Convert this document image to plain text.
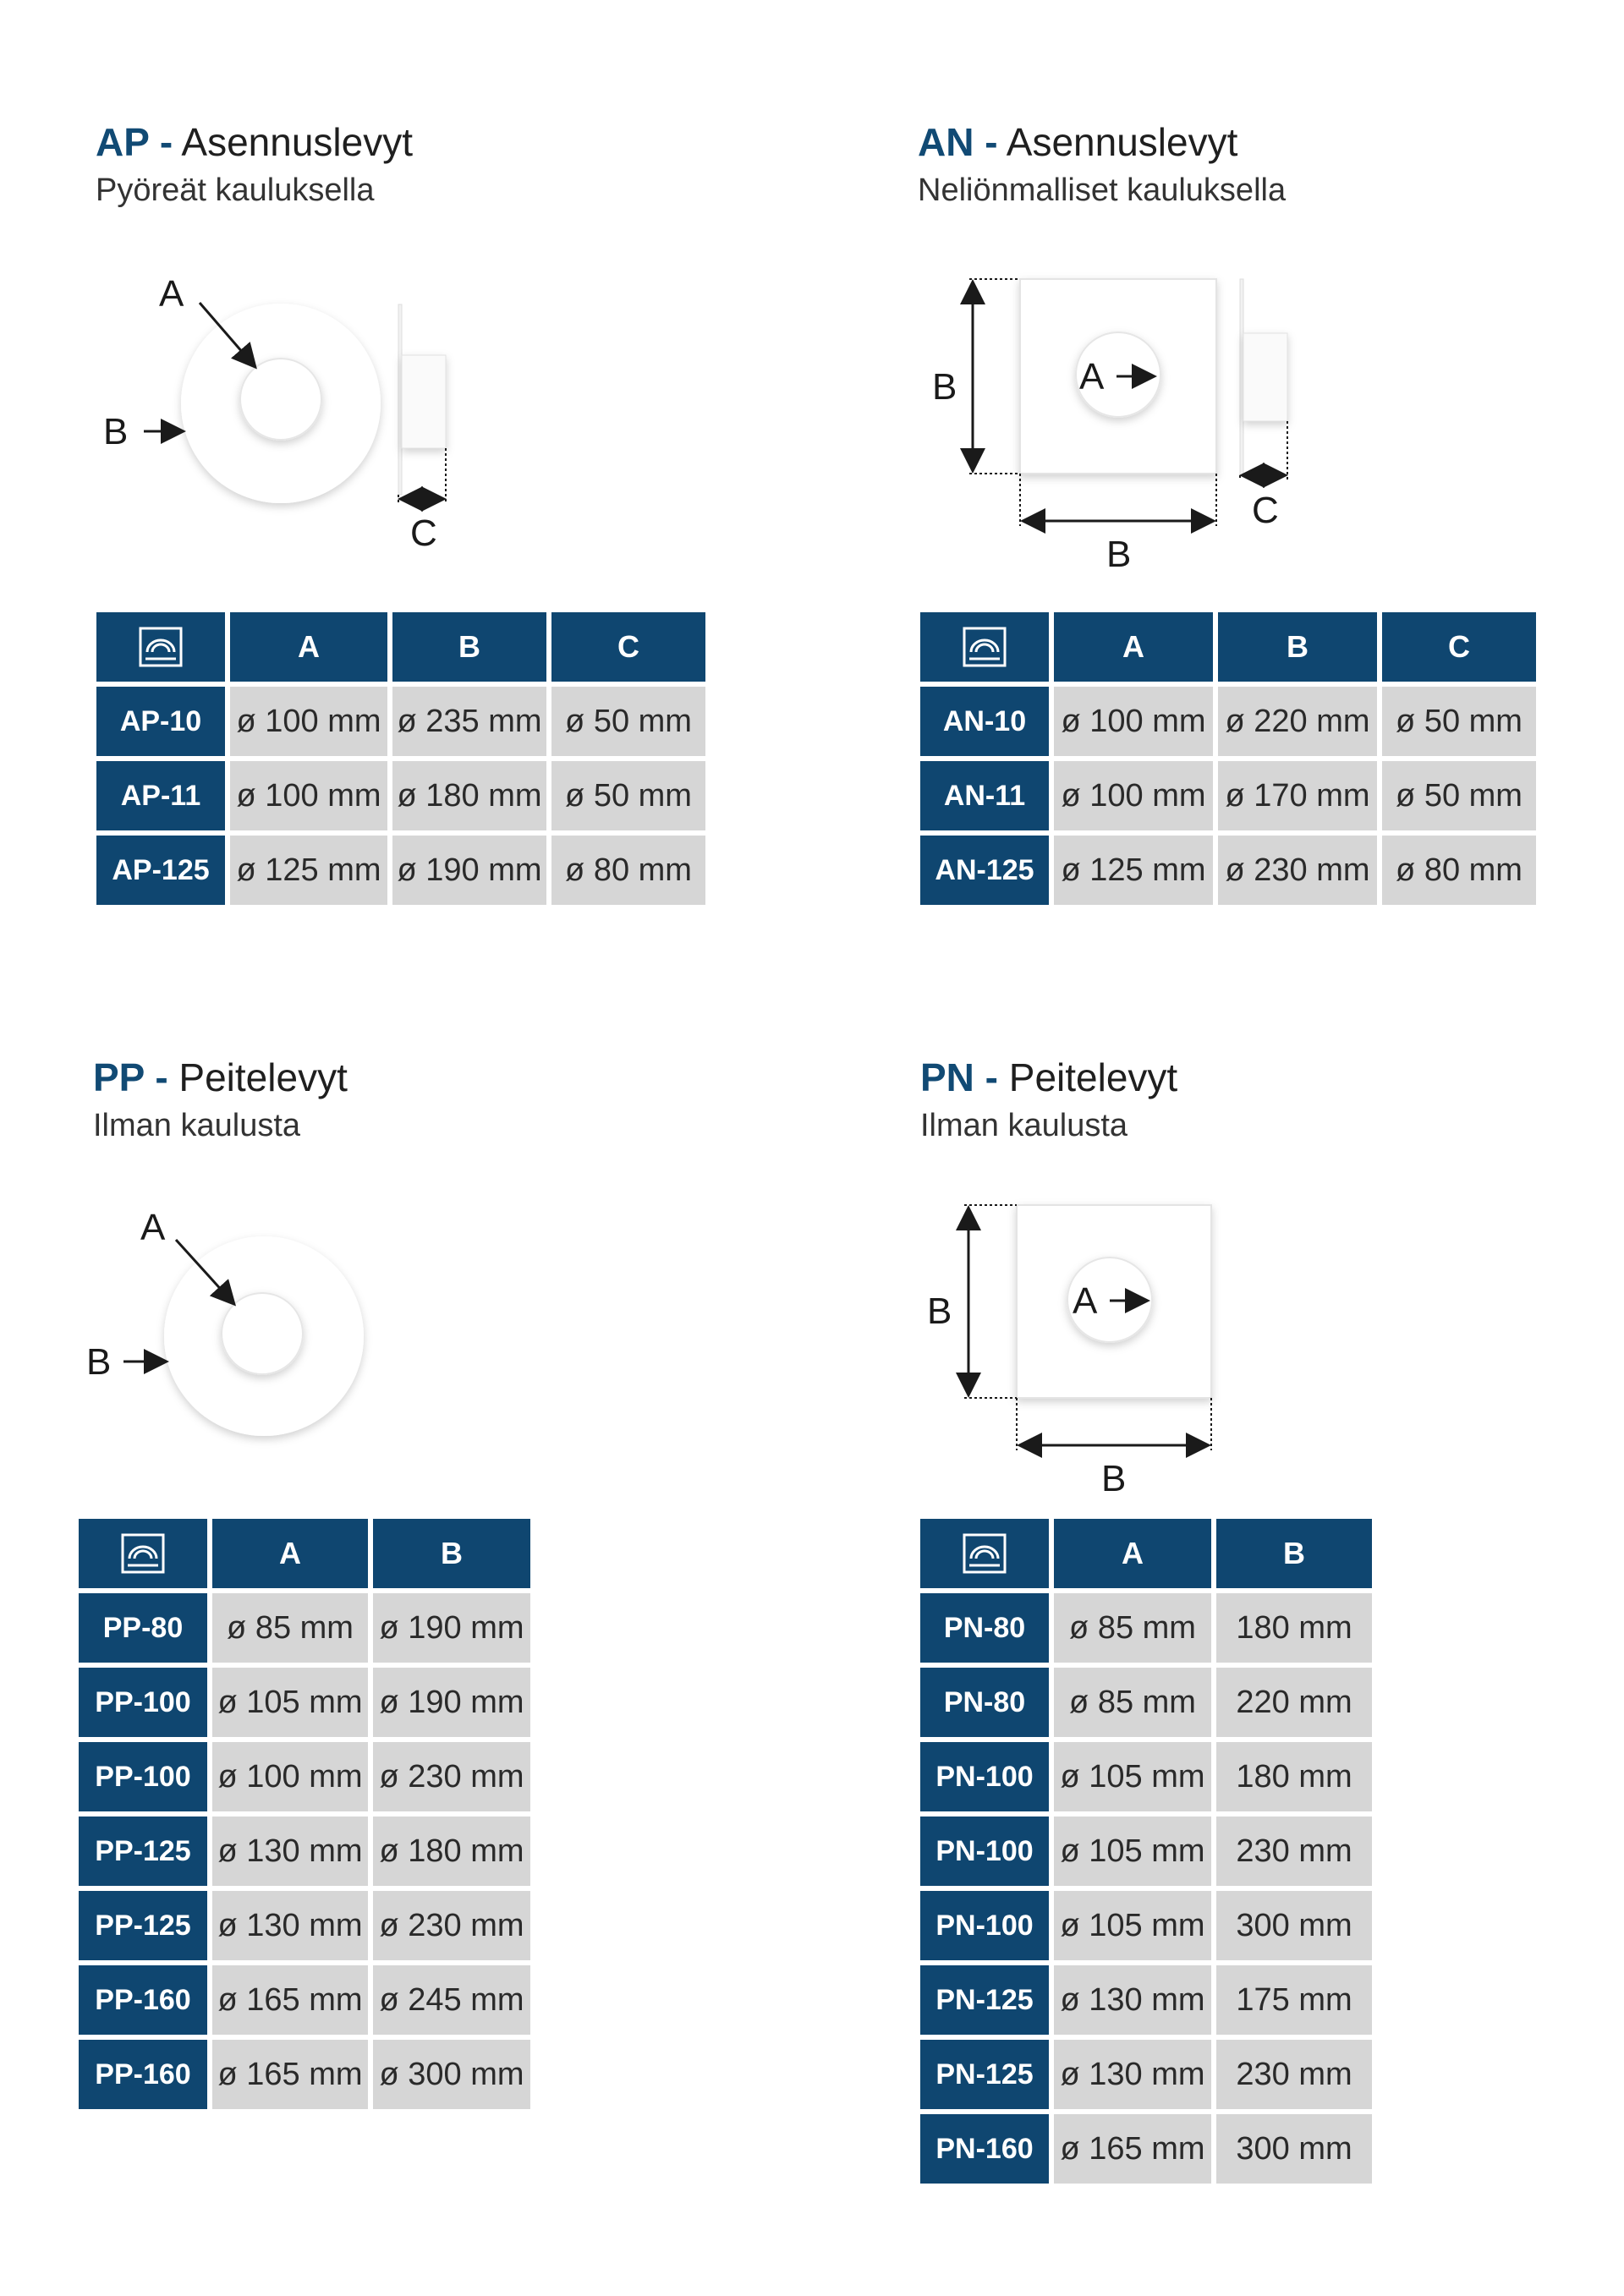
AP - Asennuslevyt
Pyöreät kauluksella
A
B
C
	A	B	C
AP-10	ø 100 mm	ø 235 mm	ø 50 mm
AP-11	ø 100 mm	ø 180 mm	ø 50 mm
AP-125	ø 125 mm	ø 190 mm	ø 80 mm
AN - Asennuslevyt
Neliönmalliset kauluksella
A
B
B
C
	A	B	C
AN-10	ø 100 mm	ø 220 mm	ø 50 mm
AN-11	ø 100 mm	ø 170 mm	ø 50 mm
AN-125	ø 125 mm	ø 230 mm	ø 80 mm
PP - Peitelevyt
Ilman kaulusta
A
B
	A	B
PP-80	ø 85 mm	ø 190 mm
PP-100	ø 105 mm	ø 190 mm
PP-100	ø 100 mm	ø 230 mm
PP-125	ø 130 mm	ø 180 mm
PP-125	ø 130 mm	ø 230 mm
PP-160	ø 165 mm	ø 245 mm
PP-160	ø 165 mm	ø 300 mm
PN - Peitelevyt
Ilman kaulusta
A
B
B
	A	B
PN-80	ø 85 mm	180 mm
PN-80	ø 85 mm	220 mm
PN-100	ø 105 mm	180 mm
PN-100	ø 105 mm	230 mm
PN-100	ø 105 mm	300 mm
PN-125	ø 130 mm	175 mm
PN-125	ø 130 mm	230 mm
PN-160	ø 165 mm	300 mm
